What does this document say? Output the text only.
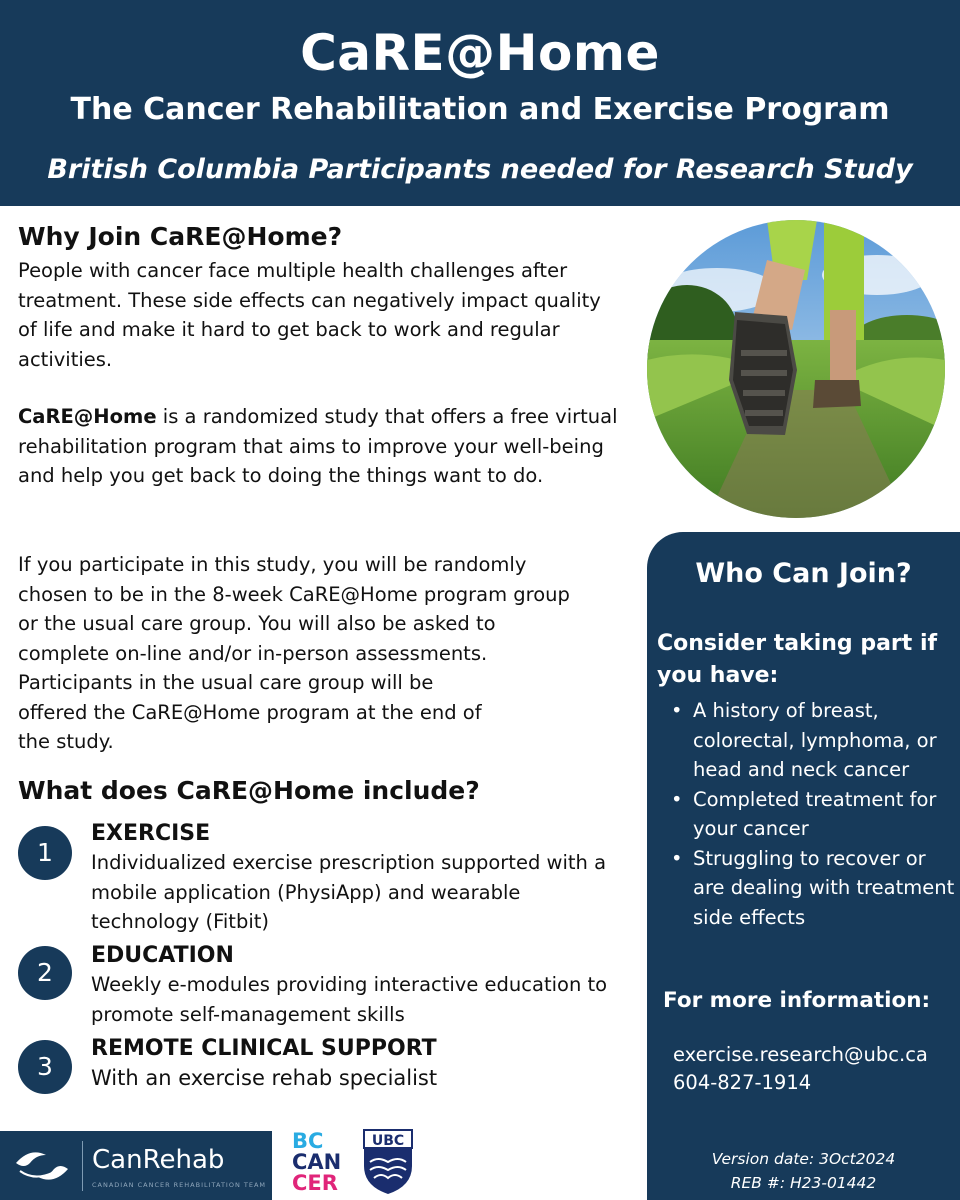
CaRE@Home
The Cancer Rehabilitation and Exercise Program
British Columbia Participants needed for Research Study
Why Join CaRE@Home?
People with cancer face multiple health challenges after treatment. These side effects can negatively impact quality of life and make it hard to get back to work and regular activities.
CaRE@Home is a randomized study that offers a free virtual rehabilitation program that aims to improve your well-being and help you get back to doing the things want to do.
If you participate in this study, you will be randomly
chosen to be in the 8-week CaRE@Home program group
or the usual care group. You will also be asked to
complete on-line and/or in-person assessments.
Participants in the usual care group will be
offered the CaRE@Home program at the end of
the study.
What does CaRE@Home include?
1
EXERCISE
Individualized exercise prescription supported with a mobile application (PhysiApp) and wearable technology (Fitbit)
2
EDUCATION
Weekly e-modules providing interactive education to promote self-management skills
3
REMOTE CLINICAL SUPPORT
With an exercise rehab specialist
Who Can Join?
Consider taking part if you have:
• A history of breast, colorectal, lymphoma, or head and neck cancer
• Completed treatment for your cancer
• Struggling to recover or are dealing with treatment side effects
For more information:
exercise.research@ubc.ca
604-827-1914
Version date: 3Oct2024
REB #: H23-01442
CanRehab
CANADIAN CANCER REHABILITATION TEAM
BC
CAN
CER
UBC
